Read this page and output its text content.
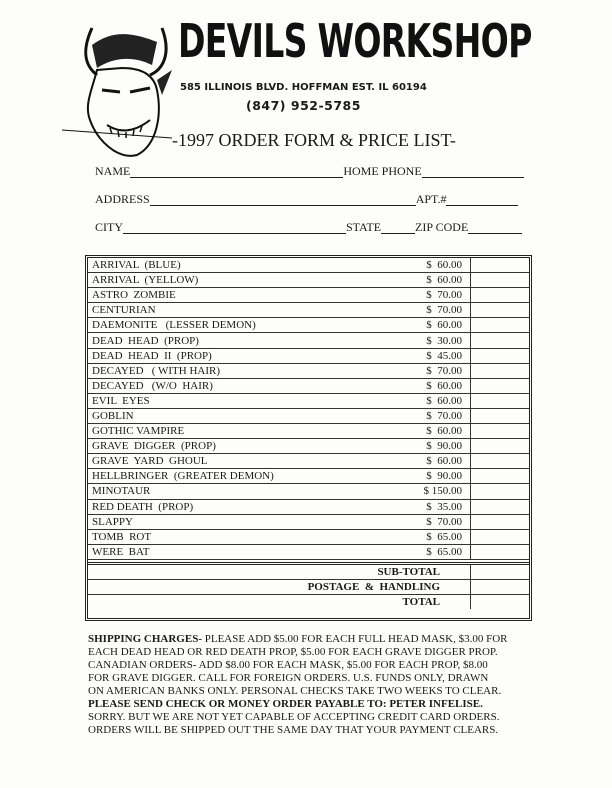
DEVILS WORKSHOP
585 ILLINOIS BLVD. HOFFMAN EST. IL 60194
(847) 952-5785
-1997 ORDER FORM & PRICE LIST-
NAME	HOME PHONE
ADDRESS	APT.#
CITY	STATE	ZIP CODE
ARRIVAL  (BLUE)	$  60.00	
ARRIVAL  (YELLOW)	$  60.00	
ASTRO  ZOMBIE	$  70.00	
CENTURIAN	$  70.00	
DAEMONITE   (LESSER DEMON)	$  60.00	
DEAD  HEAD  (PROP)	$  30.00	
DEAD  HEAD  II  (PROP)	$  45.00	
DECAYED   ( WITH HAIR)	$  70.00	
DECAYED   (W/O  HAIR)	$  60.00	
EVIL  EYES	$  60.00	
GOBLIN	$  70.00	
GOTHIC VAMPIRE	$  60.00	
GRAVE  DIGGER  (PROP)	$  90.00	
GRAVE  YARD  GHOUL	$  60.00	
HELLBRINGER  (GREATER DEMON)	$  90.00	
MINOTAUR	$ 150.00	
RED DEATH  (PROP)	$  35.00	
SLAPPY	$  70.00	
TOMB  ROT	$  65.00	
WERE  BAT	$  65.00	

SUB-TOTAL		
POSTAGE  &  HANDLING		
TOTAL		

SHIPPING CHARGES- PLEASE ADD $5.00 FOR EACH FULL HEAD MASK, $3.00 FOR

EACH DEAD HEAD OR RED DEATH PROP, $5.00 FOR EACH GRAVE DIGGER PROP.

CANADIAN ORDERS- ADD $8.00 FOR EACH MASK, $5.00 FOR EACH PROP, $8.00

FOR GRAVE DIGGER. CALL FOR FOREIGN ORDERS. U.S. FUNDS ONLY, DRAWN

ON AMERICAN BANKS ONLY. PERSONAL CHECKS TAKE TWO WEEKS TO CLEAR.

PLEASE SEND CHECK OR MONEY ORDER PAYABLE TO: PETER INFELISE.

SORRY. BUT WE ARE NOT YET CAPABLE OF ACCEPTING CREDIT CARD ORDERS.

ORDERS WILL BE SHIPPED OUT THE SAME DAY THAT YOUR PAYMENT CLEARS.
